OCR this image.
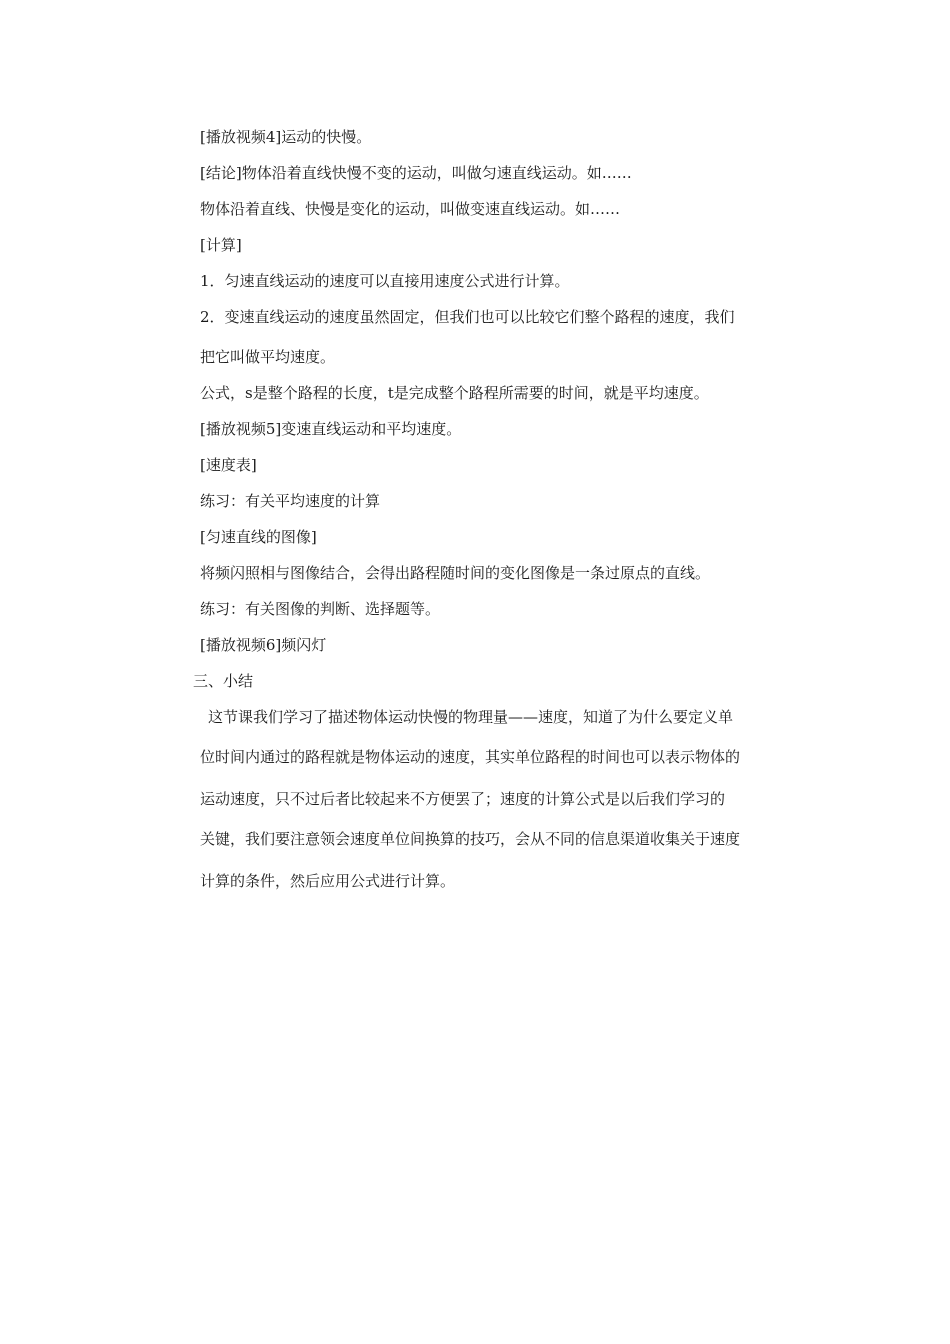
[播放视频4]运动的快慢。
[结论]物体沿着直线快慢不变的运动，叫做匀速直线运动。如……
物体沿着直线、快慢是变化的运动，叫做变速直线运动。如……
[计算]
1．匀速直线运动的速度可以直接用速度公式进行计算。
2．变速直线运动的速度虽然固定，但我们也可以比较它们整个路程的速度，我们
把它叫做平均速度。
公式，s是整个路程的长度，t是完成整个路程所需要的时间，就是平均速度。
[播放视频5]变速直线运动和平均速度。
[速度表]
练习：有关平均速度的计算
[匀速直线的图像]
将频闪照相与图像结合，会得出路程随时间的变化图像是一条过原点的直线。
练习：有关图像的判断、选择题等。
[播放视频6]频闪灯
三、小结
这节课我们学习了描述物体运动快慢的物理量——速度，知道了为什么要定义单
位时间内通过的路程就是物体运动的速度，其实单位路程的时间也可以表示物体的
运动速度，只不过后者比较起来不方便罢了；速度的计算公式是以后我们学习的
关键，我们要注意领会速度单位间换算的技巧，会从不同的信息渠道收集关于速度
计算的条件，然后应用公式进行计算。
